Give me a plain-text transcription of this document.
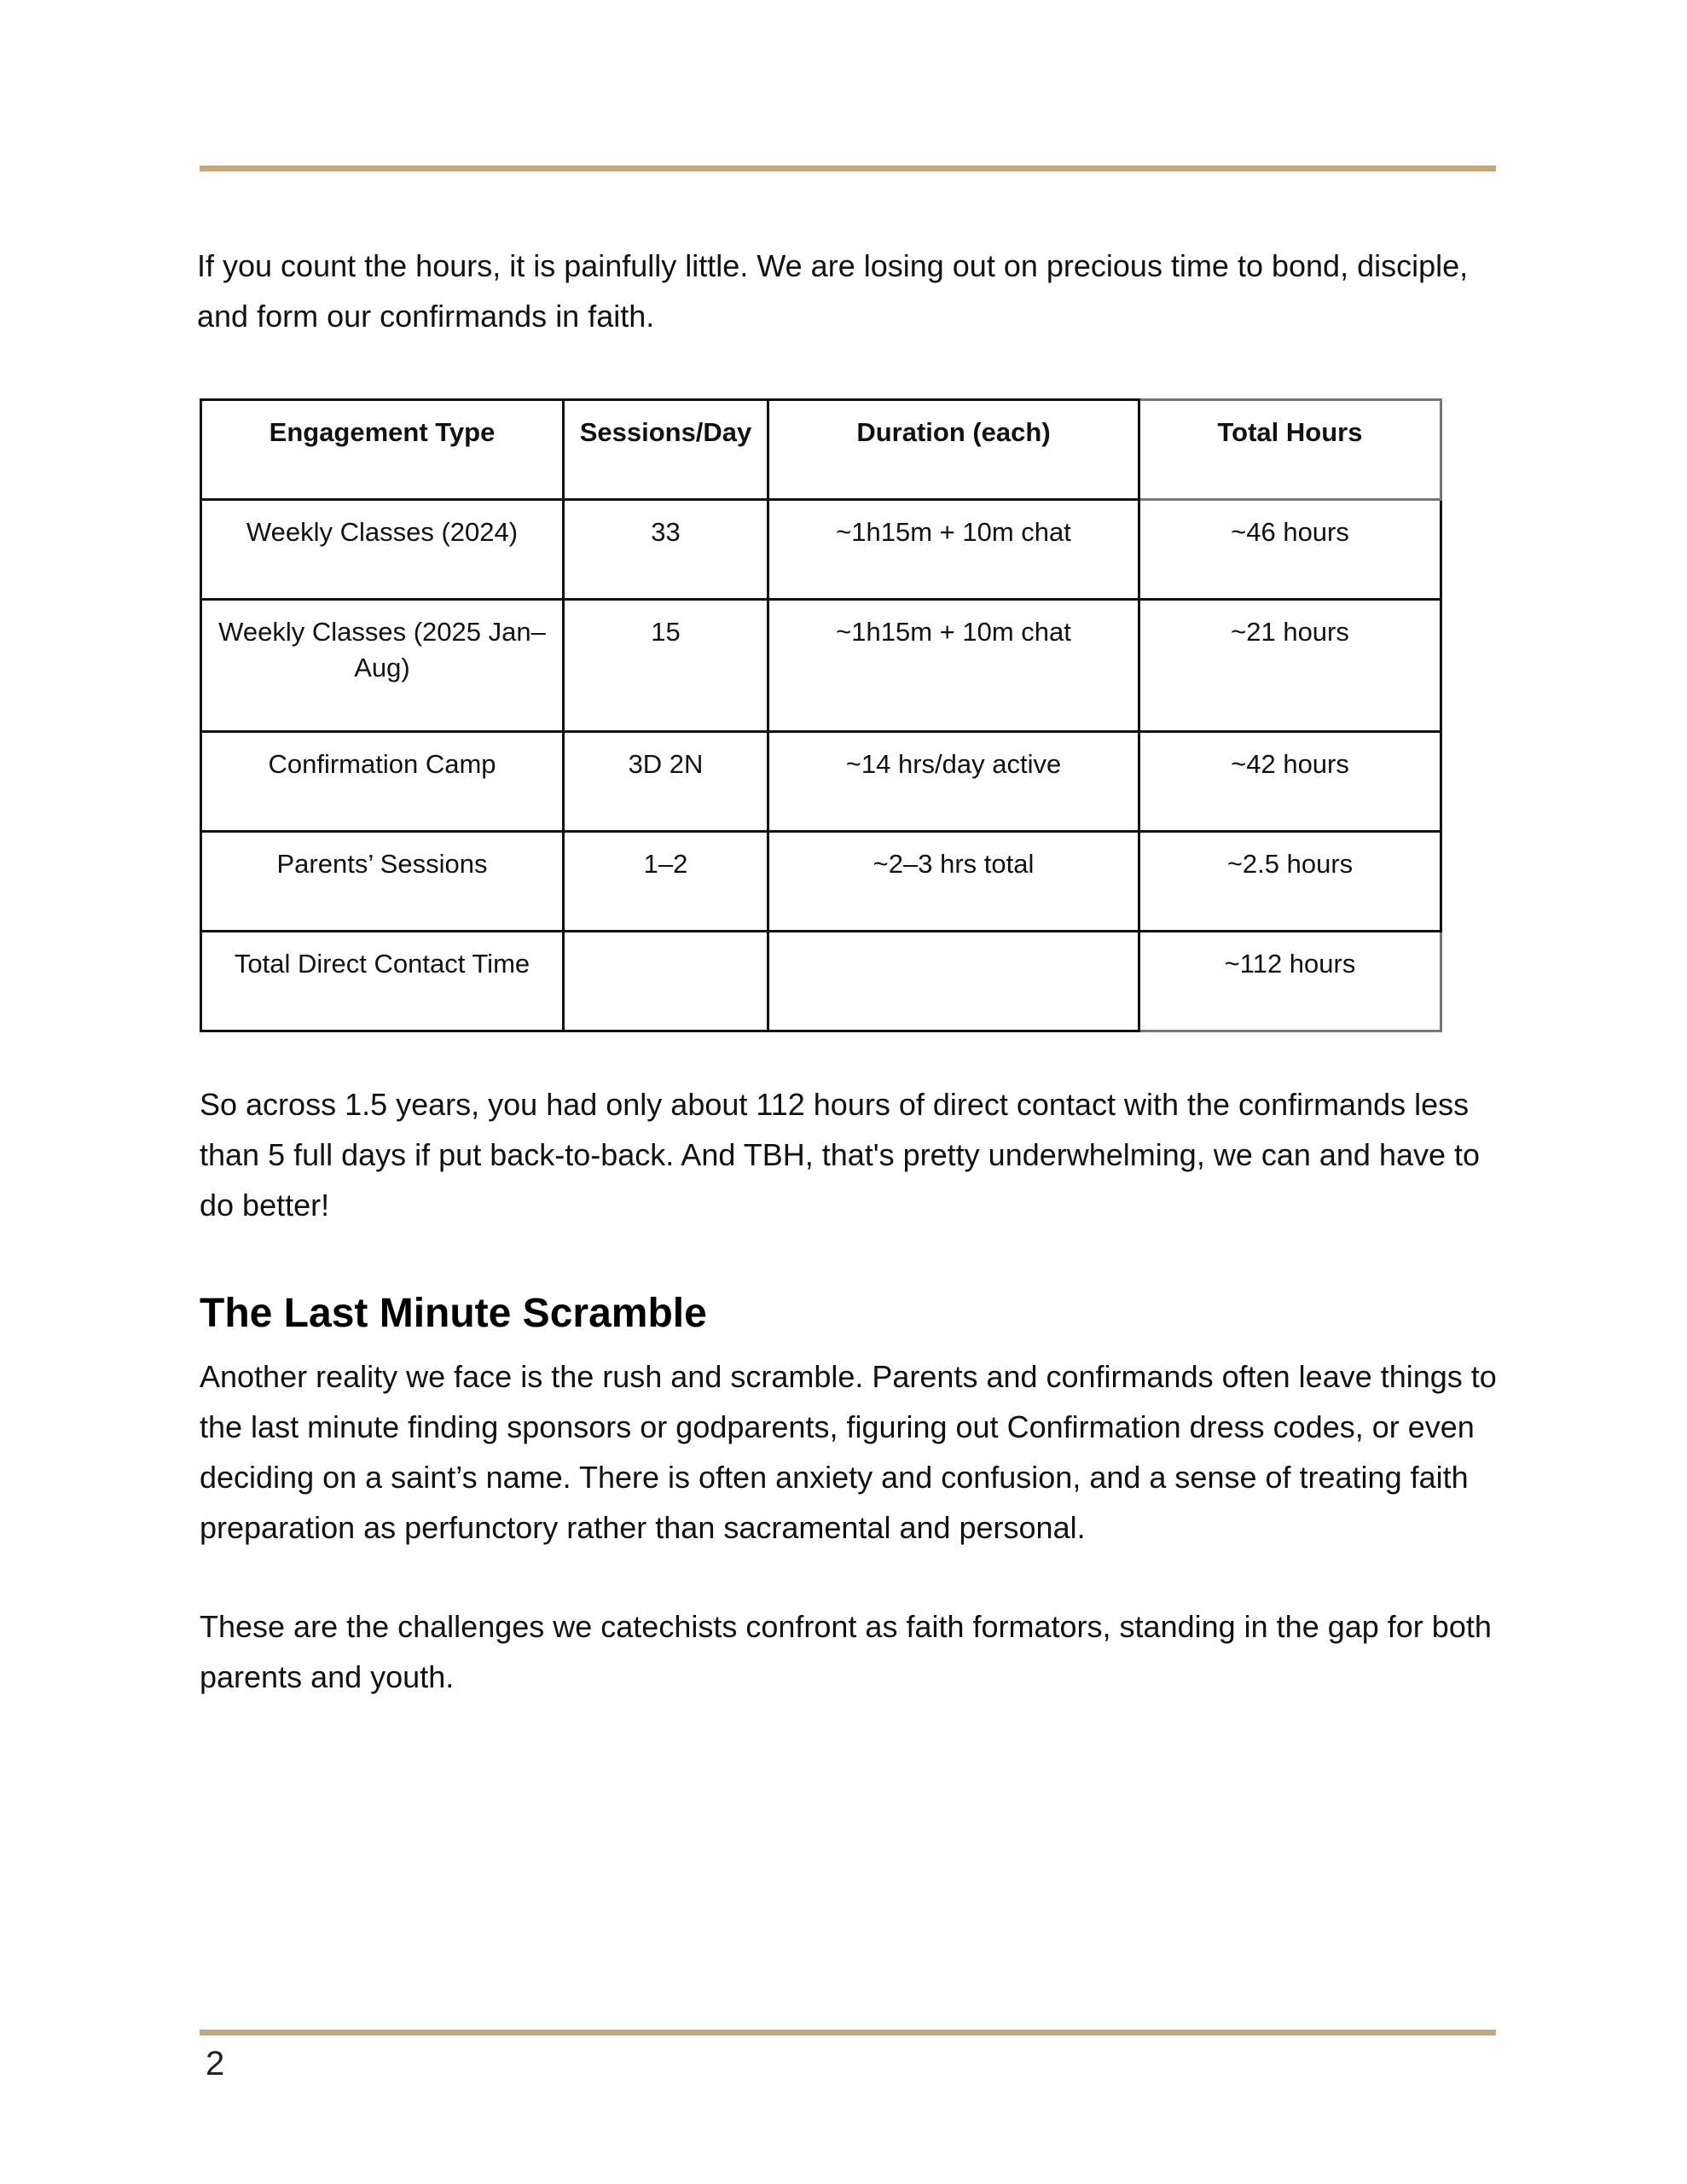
If you count the hours, it is painfully little. We are losing out on precious time to bond, disciple, and form our confirmands in faith.

Engagement Type	Sessions/Day	Duration (each)	Total Hours
Weekly Classes (2024)	33	~1h15m + 10m chat	~46 hours
Weekly Classes (2025 Jan–Aug)	15	~1h15m + 10m chat	~21 hours
Confirmation Camp	3D 2N	~14 hrs/day active	~42 hours
Parents’ Sessions	1–2	~2–3 hrs total	~2.5 hours
Total Direct Contact Time			~112 hours

So across 1.5 years, you had only about 112 hours of direct contact with the confirmands less than 5 full days if put back-to-back. And TBH, that's pretty underwhelming, we can and have to do better!

The Last Minute Scramble

Another reality we face is the rush and scramble. Parents and confirmands often leave things to the last minute finding sponsors or godparents, figuring out Confirmation dress codes, or even deciding on a saint’s name. There is often anxiety and confusion, and a sense of treating faith preparation as perfunctory rather than sacramental and personal.

These are the challenges we catechists confront as faith formators, standing in the gap for both parents and youth.

2
